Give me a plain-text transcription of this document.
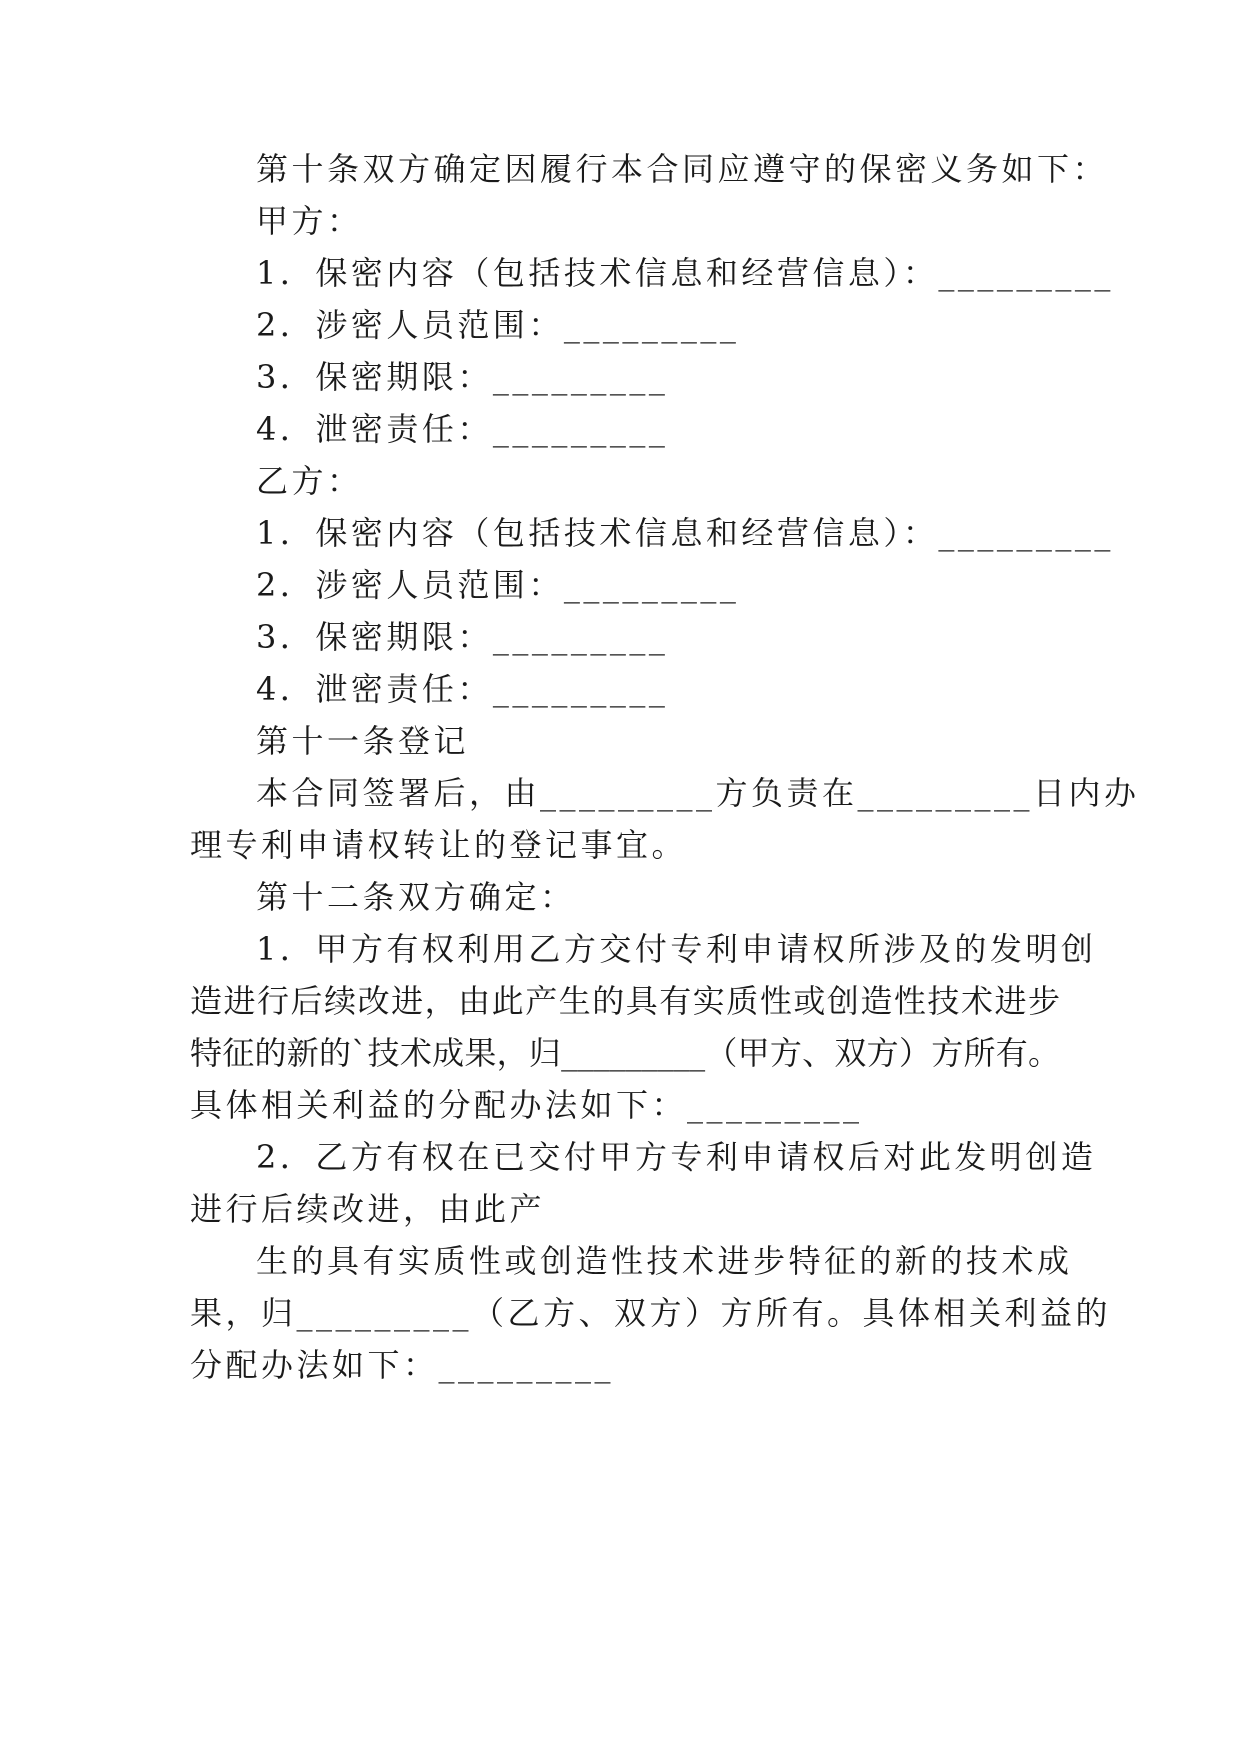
第十条双方确定因履行本合同应遵守的保密义务如下：

甲方：

1．保密内容（包括技术信息和经营信息）：_________

2．涉密人员范围：_________

3．保密期限：_________

4．泄密责任：_________

乙方：

1．保密内容（包括技术信息和经营信息）：_________

2．涉密人员范围：_________

3．保密期限：_________

4．泄密责任：_________

第十一条登记

本合同签署后，由_________方负责在_________日内办

理专利申请权转让的登记事宜。

第十二条双方确定：

1．甲方有权利用乙方交付专利申请权所涉及的发明创

造进行后续改进，由此产生的具有实质性或创造性技术进步

特征的新的`技术成果，归_________（甲方、双方）方所有。

具体相关利益的分配办法如下：_________

2．乙方有权在已交付甲方专利申请权后对此发明创造

进行后续改进，由此产

生的具有实质性或创造性技术进步特征的新的技术成

果，归_________（乙方、双方）方所有。具体相关利益的

分配办法如下：_________
